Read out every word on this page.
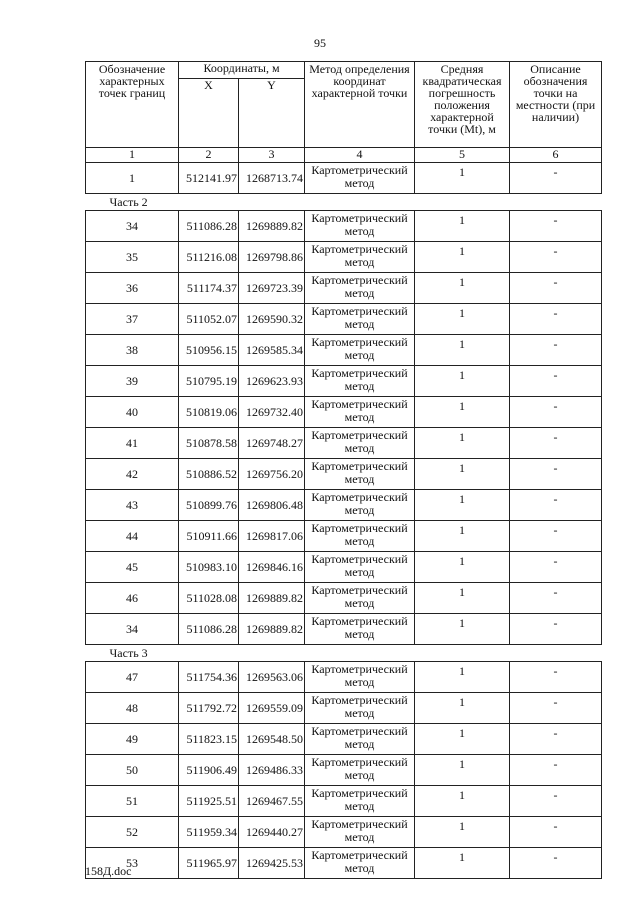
95
Обозначение характерных точек границ	Координаты, м		Метод определения координат характерной точки	Средняя квадратическая погрешность положения характерной точки (Mt), м	Описание обозначения точки на местности (при наличии)
	X	Y			
1	2	3	4	5	6
1	512141.97	1268713.74	Картометрический метод	1	-
Часть 2					
34	511086.28	1269889.82	Картометрический метод	1	-
35	511216.08	1269798.86	Картометрический метод	1	-
36	511174.37	1269723.39	Картометрический метод	1	-
37	511052.07	1269590.32	Картометрический метод	1	-
38	510956.15	1269585.34	Картометрический метод	1	-
39	510795.19	1269623.93	Картометрический метод	1	-
40	510819.06	1269732.40	Картометрический метод	1	-
41	510878.58	1269748.27	Картометрический метод	1	-
42	510886.52	1269756.20	Картометрический метод	1	-
43	510899.76	1269806.48	Картометрический метод	1	-
44	510911.66	1269817.06	Картометрический метод	1	-
45	510983.10	1269846.16	Картометрический метод	1	-
46	511028.08	1269889.82	Картометрический метод	1	-
34	511086.28	1269889.82	Картометрический метод	1	-
Часть 3					
47	511754.36	1269563.06	Картометрический метод	1	-
48	511792.72	1269559.09	Картометрический метод	1	-
49	511823.15	1269548.50	Картометрический метод	1	-
50	511906.49	1269486.33	Картометрический метод	1	-
51	511925.51	1269467.55	Картометрический метод	1	-
52	511959.34	1269440.27	Картометрический метод	1	-
53	511965.97	1269425.53	Картометрический метод	1	-
158Д.doc
